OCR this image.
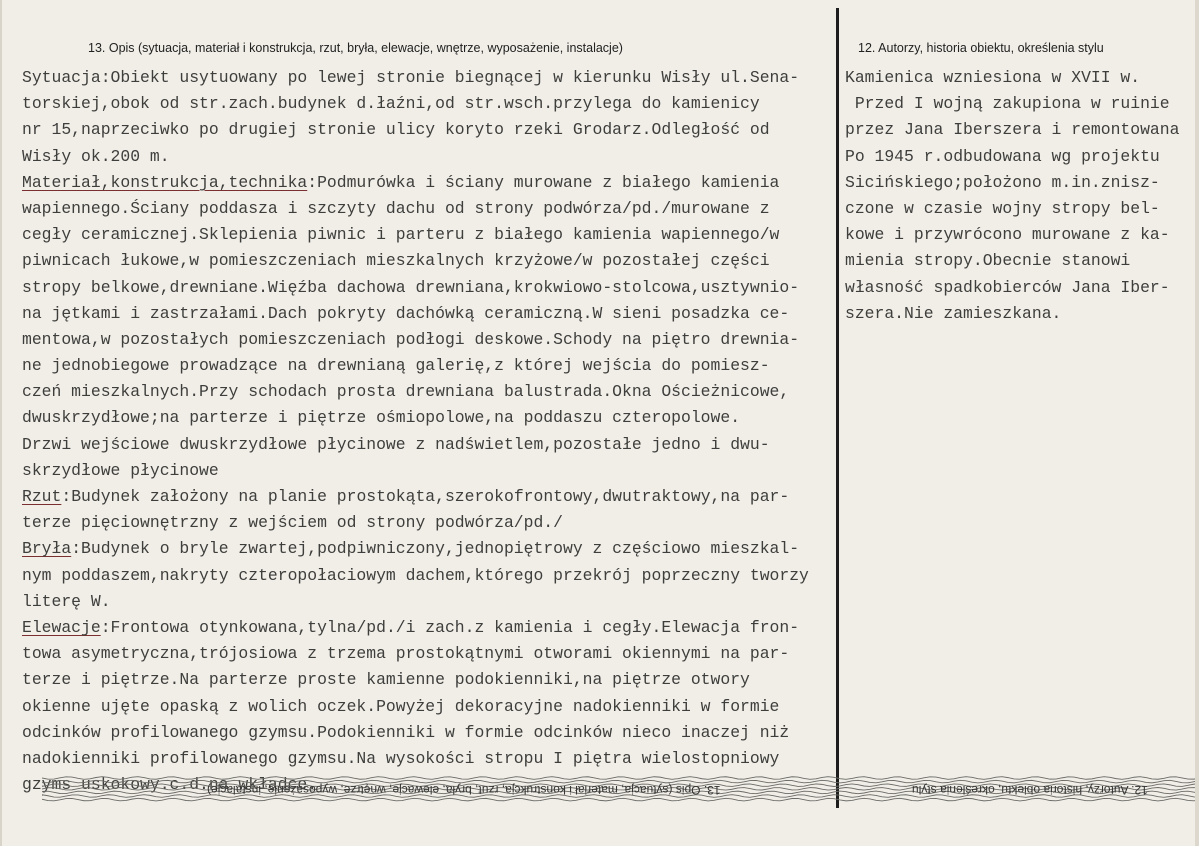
13. Opis (sytuacja, materiał i konstrukcja, rzut, bryła, elewacje, wnętrze, wyposażenie, instalacje)	12. Autorzy, historia obiektu, określenia stylu
Sytuacja:Obiekt usytuowany po lewej stronie biegnącej w kierunku Wisły ul.Sena-
torskiej,obok od str.zach.budynek d.łaźni,od str.wsch.przylega do kamienicy
nr 15,naprzeciwko po drugiej stronie ulicy koryto rzeki Grodarz.Odległość od
Wisły ok.200 m.
Materiał,konstrukcja,technika:Podmurówka i ściany murowane z białego kamienia
wapiennego.Ściany poddasza i szczyty dachu od strony podwórza/pd./murowane z
cegły ceramicznej.Sklepienia piwnic i parteru z białego kamienia wapiennego/w
piwnicach łukowe,w pomieszczeniach mieszkalnych krzyżowe/w pozostałej części
stropy belkowe,drewniane.Więźba dachowa drewniana,krokwiowo-stolcowa,usztywnio-
na jętkami i zastrzałami.Dach pokryty dachówką ceramiczną.W sieni posadzka ce-
mentowa,w pozostałych pomieszczeniach podłogi deskowe.Schody na piętro drewnia-
ne jednobiegowe prowadzące na drewnianą galerię,z której wejścia do pomiesz-
czeń mieszkalnych.Przy schodach prosta drewniana balustrada.Okna Ościeżnicowe,
dwuskrzydłowe;na parterze i piętrze ośmiopolowe,na poddaszu czteropolowe.
Drzwi wejściowe dwuskrzydłowe płycinowe z nadświetlem,pozostałe jedno i dwu-
skrzydłowe płycinowe
Rzut:Budynek założony na planie prostokąta,szerokofrontowy,dwutraktowy,na par-
terze pięciownętrzny z wejściem od strony podwórza/pd./
Bryła:Budynek o bryle zwartej,podpiwniczony,jednopiętrowy z częściowo mieszkal-
nym poddaszem,nakryty czteropołaciowym dachem,którego przekrój poprzeczny tworzy
literę W.
Elewacje:Frontowa otynkowana,tylna/pd./i zach.z kamienia i cegły.Elewacja fron-
towa asymetryczna,trójosiowa z trzema prostokątnymi otworami okiennymi na par-
terze i piętrze.Na parterze proste kamienne podokienniki,na piętrze otwory
okienne ujęte opaską z wolich oczek.Powyżej dekoracyjne nadokienniki w formie
odcinków profilowanego gzymsu.Podokienniki w formie odcinków nieco inaczej niż
nadokienniki profilowanego gzymsu.Na wysokości stropu I piętra wielostopniowy
gzyms uskokowy.c.d.na wkładce.
Kamienica wzniesiona w XVII w.
Przed I wojną zakupiona w ruinie
przez Jana Iberszera i remontowana
Po 1945 r.odbudowana wg projektu
Sicińskiego;położono m.in.znisz-
czone w czasie wojny stropy bel-
kowe i przywrócono murowane z ka-
mienia stropy.Obecnie stanowi
własność spadkobierców Jana Iber-
szera.Nie zamieszkana.
13. Opis (sytuacja, materiał i konstrukcja, rzut, bryła, elewacje, wnętrze, wyposażenie, instalacje)	12. Autorzy, historia obiektu, określenia stylu
